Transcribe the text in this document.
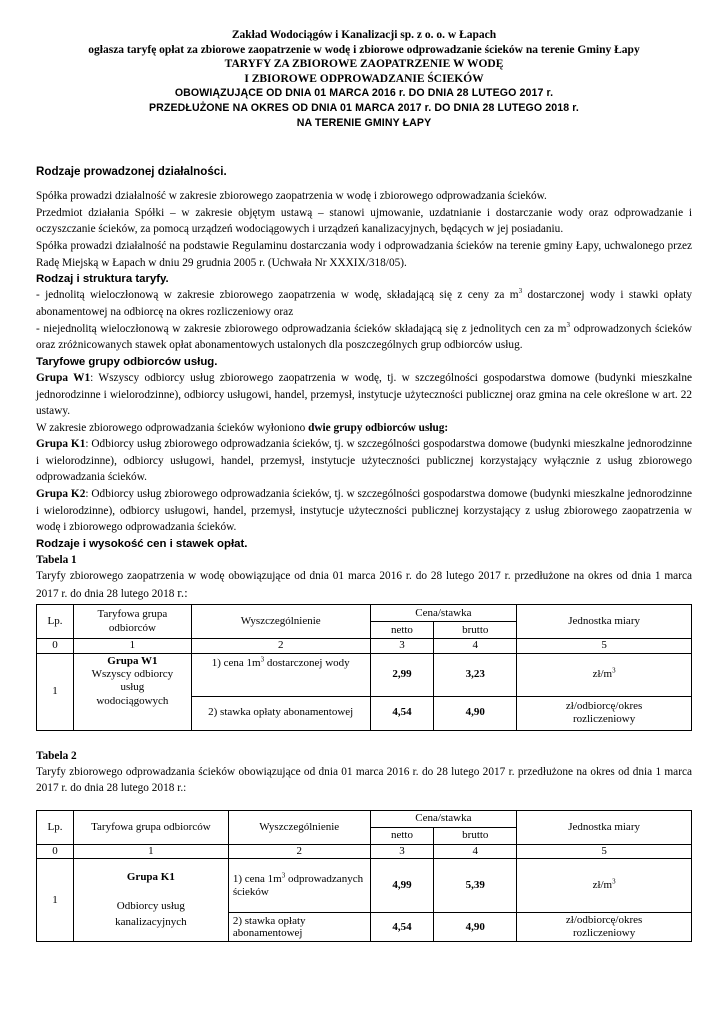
Zakład Wodociągów i Kanalizacji sp. z o. o. w Łapach
ogłasza taryfę opłat za zbiorowe zaopatrzenie w wodę i zbiorowe odprowadzanie ścieków na terenie Gminy Łapy
TARYFY ZA ZBIOROWE ZAOPATRZENIE W WODĘ
I ZBIOROWE ODPROWADZANIE ŚCIEKÓW
OBOWIĄZUJĄCE OD DNIA 01 MARCA 2016 r. DO DNIA 28 LUTEGO 2017 r.
PRZEDŁUŻONE NA OKRES OD DNIA 01 MARCA 2017 r. DO DNIA 28 LUTEGO 2018 r.
NA TERENIE GMINY ŁAPY
Rodzaje prowadzonej działalności.

Spółka prowadzi działalność w zakresie zbiorowego zaopatrzenia w wodę i zbiorowego odprowadzania ścieków.

Przedmiot działania Spółki – w zakresie objętym ustawą – stanowi ujmowanie, uzdatnianie i dostarczanie wody oraz odprowadzanie i oczyszczanie ścieków, za pomocą urządzeń wodociągowych i urządzeń kanalizacyjnych, będących w jej posiadaniu.

Spółka prowadzi działalność na podstawie Regulaminu dostarczania wody i odprowadzania ścieków na terenie gminy Łapy, uchwalonego przez Radę Miejską w Łapach w dniu 29 grudnia 2005 r. (Uchwała Nr XXXIX/318/05).

Rodzaj i struktura taryfy.

- jednolitą wieloczłonową w zakresie zbiorowego zaopatrzenia w wodę, składającą się z ceny za $m^3$ dostarczonej wody i stawki opłaty abonamentowej na odbiorcę na okres rozliczeniowy oraz

- niejednolitą wieloczłonową w zakresie zbiorowego odprowadzania ścieków składającą się z jednolitych cen za $m^3$ odprowadzonych ścieków oraz zróżnicowanych stawek opłat abonamentowych ustalonych dla poszczególnych grup odbiorców usług.

Taryfowe grupy odbiorców usług.

Grupa W1: Wszyscy odbiorcy usług zbiorowego zaopatrzenia w wodę, tj. w szczególności gospodarstwa domowe (budynki mieszkalne jednorodzinne i wielorodzinne), odbiorcy usługowi, handel, przemysł, instytucje użyteczności publicznej oraz gmina na cele określone w art. 22 ustawy.

W zakresie zbiorowego odprowadzania ścieków wyłoniono dwie grupy odbiorców usług:

Grupa K1: Odbiorcy usług zbiorowego odprowadzania ścieków, tj. w szczególności gospodarstwa domowe (budynki mieszkalne jednorodzinne i wielorodzinne), odbiorcy usługowi, handel, przemysł, instytucje użyteczności publicznej korzystający wyłącznie z usług zbiorowego odprowadzania ścieków.

Grupa K2: Odbiorcy usług zbiorowego odprowadzania ścieków, tj. w szczególności gospodarstwa domowe (budynki mieszkalne jednorodzinne i wielorodzinne), odbiorcy usługowi, handel, przemysł, instytucje użyteczności publicznej korzystający z usług zbiorowego zaopatrzenia w wodę i zbiorowego odprowadzania ścieków.

Rodzaje i wysokość cen i stawek opłat.
Tabela 1

Taryfy zbiorowego zaopatrzenia w wodę obowiązujące od dnia 01 marca 2016 r. do 28 lutego 2017 r. przedłużone na okres od dnia 1 marca 2017 r. do dnia 28 lutego 2018 r.:

Lp.	Taryfowa grupa odbiorców	Wyszczególnienie	Cena/stawka		Jednostka miary
			netto	brutto	
0	1	2	3	4	5
1	Grupa W1
Wszyscy odbiorcy usług wodociągowych	1) cena $1m^3$ dostarczonej wody	2,99	3,23	$zł/m^3$
		2) stawka opłaty abonamentowej	4,54	4,90	zł/odbiorcę/okres rozliczeniowy
Tabela 2

Taryfy zbiorowego odprowadzania ścieków obowiązujące od dnia 01 marca 2016 r. do 28 lutego 2017 r. przedłużone na okres od dnia 1 marca 2017 r. do dnia 28 lutego 2018 r.:

Lp.	Taryfowa grupa odbiorców	Wyszczególnienie	Cena/stawka		Jednostka miary
			netto	brutto	
0	1	2	3	4	5
1	Grupa K1
Odbiorcy usług kanalizacyjnych	1) cena $1m^3$ odprowadzanych ścieków	4,99	5,39	$zł/m^3$
		2) stawka opłaty abonamentowej	4,54	4,90	zł/odbiorcę/okres rozliczeniowy
